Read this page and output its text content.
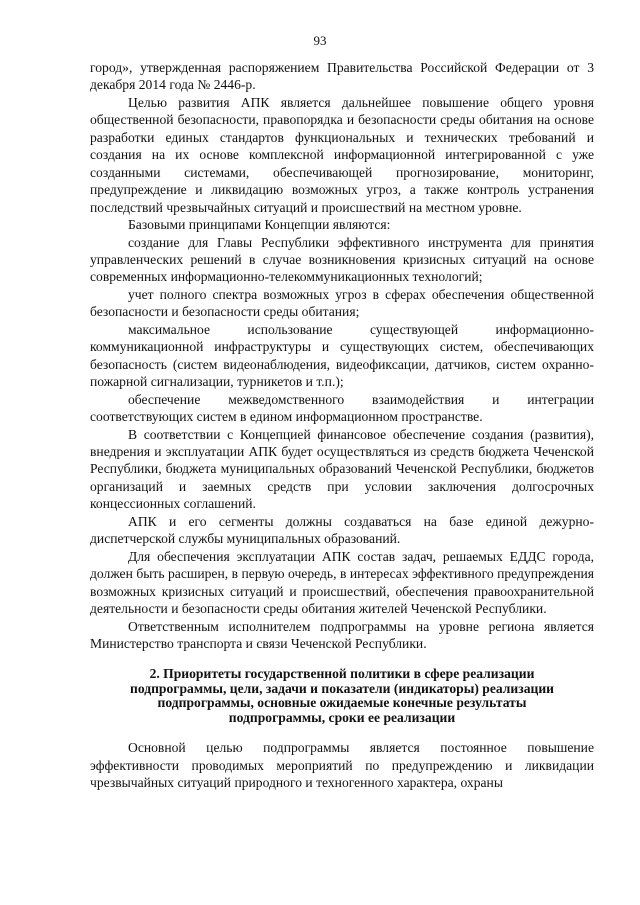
93

город», утвержденная распоряжением Правительства Российской Федерации от 3 декабря 2014 года № 2446-р.

Целью развития АПК является дальнейшее повышение общего уровня общественной безопасности, правопорядка и безопасности среды обитания на основе разработки единых стандартов функциональных и технических требований и создания на их основе комплексной информационной интегрированной с уже созданными системами, обеспечивающей прогнозирование, мониторинг, предупреждение и ликвидацию возможных угроз, а также контроль устранения последствий чрезвычайных ситуаций и происшествий на местном уровне.

Базовыми принципами Концепции являются:

создание для Главы Республики эффективного инструмента для принятия управленческих решений в случае возникновения кризисных ситуаций на основе современных информационно-телекоммуникационных технологий;

учет полного спектра возможных угроз в сферах обеспечения общественной безопасности и безопасности среды обитания;

максимальное использование существующей информационно-коммуникационной инфраструктуры и существующих систем, обеспечивающих безопасность (систем видеонаблюдения, видеофиксации, датчиков, систем охранно-пожарной сигнализации, турникетов и т.п.);

обеспечение межведомственного взаимодействия и интеграции соответствующих систем в едином информационном пространстве.

В соответствии с Концепцией финансовое обеспечение создания (развития), внедрения и эксплуатации АПК будет осуществляться из средств бюджета Чеченской Республики, бюджета муниципальных образований Чеченской Республики, бюджетов организаций и заемных средств при условии заключения долгосрочных концессионных соглашений.

АПК и его сегменты должны создаваться на базе единой дежурно-диспетчерской службы муниципальных образований.

Для обеспечения эксплуатации АПК состав задач, решаемых ЕДДС города, должен быть расширен, в первую очередь, в интересах эффективного предупреждения возможных кризисных ситуаций и происшествий, обеспечения правоохранительной деятельности и безопасности среды обитания жителей Чеченской Республики.

Ответственным исполнителем подпрограммы на уровне региона является Министерство транспорта и связи Чеченской Республики.

2. Приоритеты государственной политики в сфере реализации
подпрограммы, цели, задачи и показатели (индикаторы) реализации
подпрограммы, основные ожидаемые конечные результаты
подпрограммы, сроки ее реализации

Основной целью подпрограммы является постоянное повышение эффективности проводимых мероприятий по предупреждению и ликвидации чрезвычайных ситуаций природного и техногенного характера, охраны
